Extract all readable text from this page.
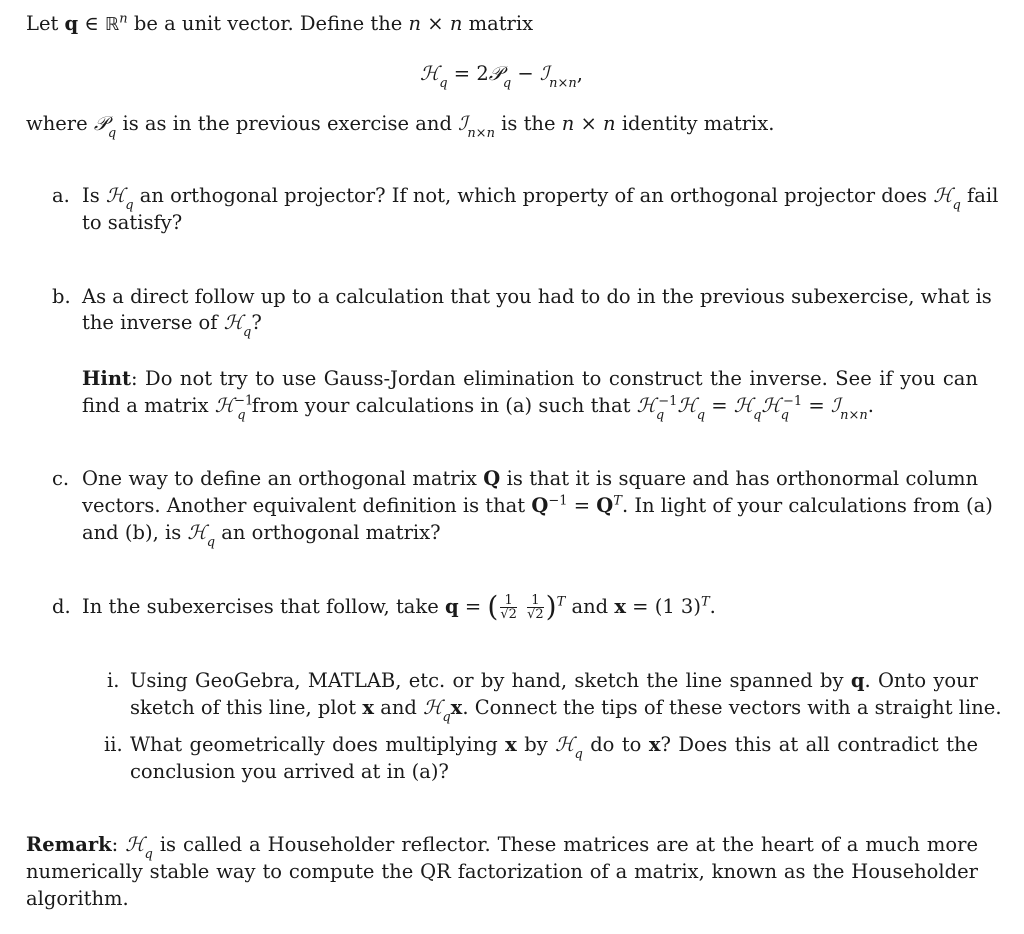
Let q ∈ ℝ$^n$ be a unit vector. Define the n × n matrix
ℋ$_q$ = 2𝒫$_q$ − ℐ$_{n\times n}$,
where 𝒫$_q$ is as in the previous exercise and ℐ$_{n\times n}$ is the n × n identity matrix.
a. Is ℋ$_q$ an orthogonal projector? If not, which property of an orthogonal projector does ℋ$_q$ fail
to satisfy?
b. As a direct follow up to a calculation that you had to do in the previous subexercise, what is
the inverse of ℋ$_q$?
Hint: Do not try to use Gauss-Jordan elimination to construct the inverse. See if you can
find a matrix ℋ$^{-1}_q$ from your calculations in (a) such that ℋ$_q^{-1}$ℋ$_q$ = ℋ$_q$ℋ$_q^{-1}$ = ℐ$_{n\times n}$.
c. One way to define an orthogonal matrix Q is that it is square and has orthonormal column
vectors. Another equivalent definition is that $Q^{-1} = Q^T$. In light of your calculations from (a)
and (b), is ℋ$_q$ an orthogonal matrix?
d. In the subexercises that follow, take q = ( $\frac{1}{√2}$
$\frac{1}{√2} )^T$ and x = (1 3)$^T$.
i. Using GeoGebra, MATLAB, etc. or by hand, sketch the line spanned by q. Onto your
sketch of this line, plot x and ℋ$_q$x. Connect the tips of these vectors with a straight line.
ii. What geometrically does multiplying x by ℋ$_q$ do to x? Does this at all contradict the
conclusion you arrived at in (a)?
Remark: ℋ$_q$ is called a Householder reflector. These matrices are at the heart of a much more
numerically stable way to compute the QR factorization of a matrix, known as the Householder
algorithm.
